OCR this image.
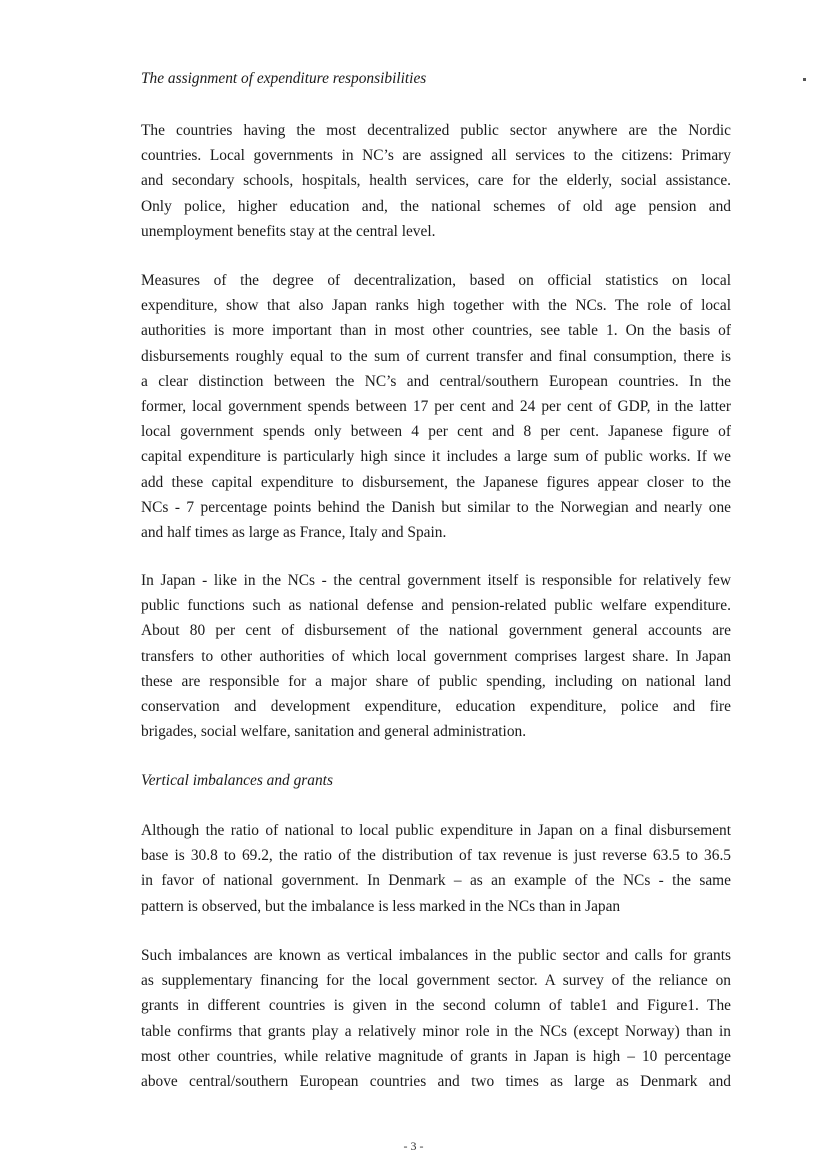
The assignment of expenditure responsibilities
The countries having the most decentralized public sector anywhere are the Nordic
countries. Local governments in NC’s are assigned all services to the citizens: Primary
and secondary schools, hospitals, health services, care for the elderly, social assistance.
Only police, higher education and, the national schemes of old age pension and
unemployment benefits stay at the central level.
Measures of the degree of decentralization, based on official statistics on local
expenditure, show that also Japan ranks high together with the NCs. The role of local
authorities is more important than in most other countries, see table 1. On the basis of
disbursements roughly equal to the sum of current transfer and final consumption, there is
a clear distinction between the NC’s and central/southern European countries. In the
former, local government spends between 17 per cent and 24 per cent of GDP, in the latter
local government spends only between 4 per cent and 8 per cent. Japanese figure of
capital expenditure is particularly high since it includes a large sum of public works. If we
add these capital expenditure to disbursement, the Japanese figures appear closer to the
NCs - 7 percentage points behind the Danish but similar to the Norwegian and nearly one
and half times as large as France, Italy and Spain.
In Japan - like in the NCs - the central government itself is responsible for relatively few
public functions such as national defense and pension-related public welfare expenditure.
About 80 per cent of disbursement of the national government general accounts are
transfers to other authorities of which local government comprises largest share. In Japan
these are responsible for a major share of public spending, including on national land
conservation and development expenditure, education expenditure, police and fire
brigades, social welfare, sanitation and general administration.
Vertical imbalances and grants
Although the ratio of national to local public expenditure in Japan on a final disbursement
base is 30.8 to 69.2, the ratio of the distribution of tax revenue is just reverse 63.5 to 36.5
in favor of national government. In Denmark – as an example of the NCs - the same
pattern is observed, but the imbalance is less marked in the NCs than in Japan
Such imbalances are known as vertical imbalances in the public sector and calls for grants
as supplementary financing for the local government sector. A survey of the reliance on
grants in different countries is given in the second column of table1 and Figure1. The
table confirms that grants play a relatively minor role in the NCs (except Norway) than in
most other countries, while relative magnitude of grants in Japan is high – 10 percentage
above central/southern European countries and two times as large as Denmark and
- 3 -
